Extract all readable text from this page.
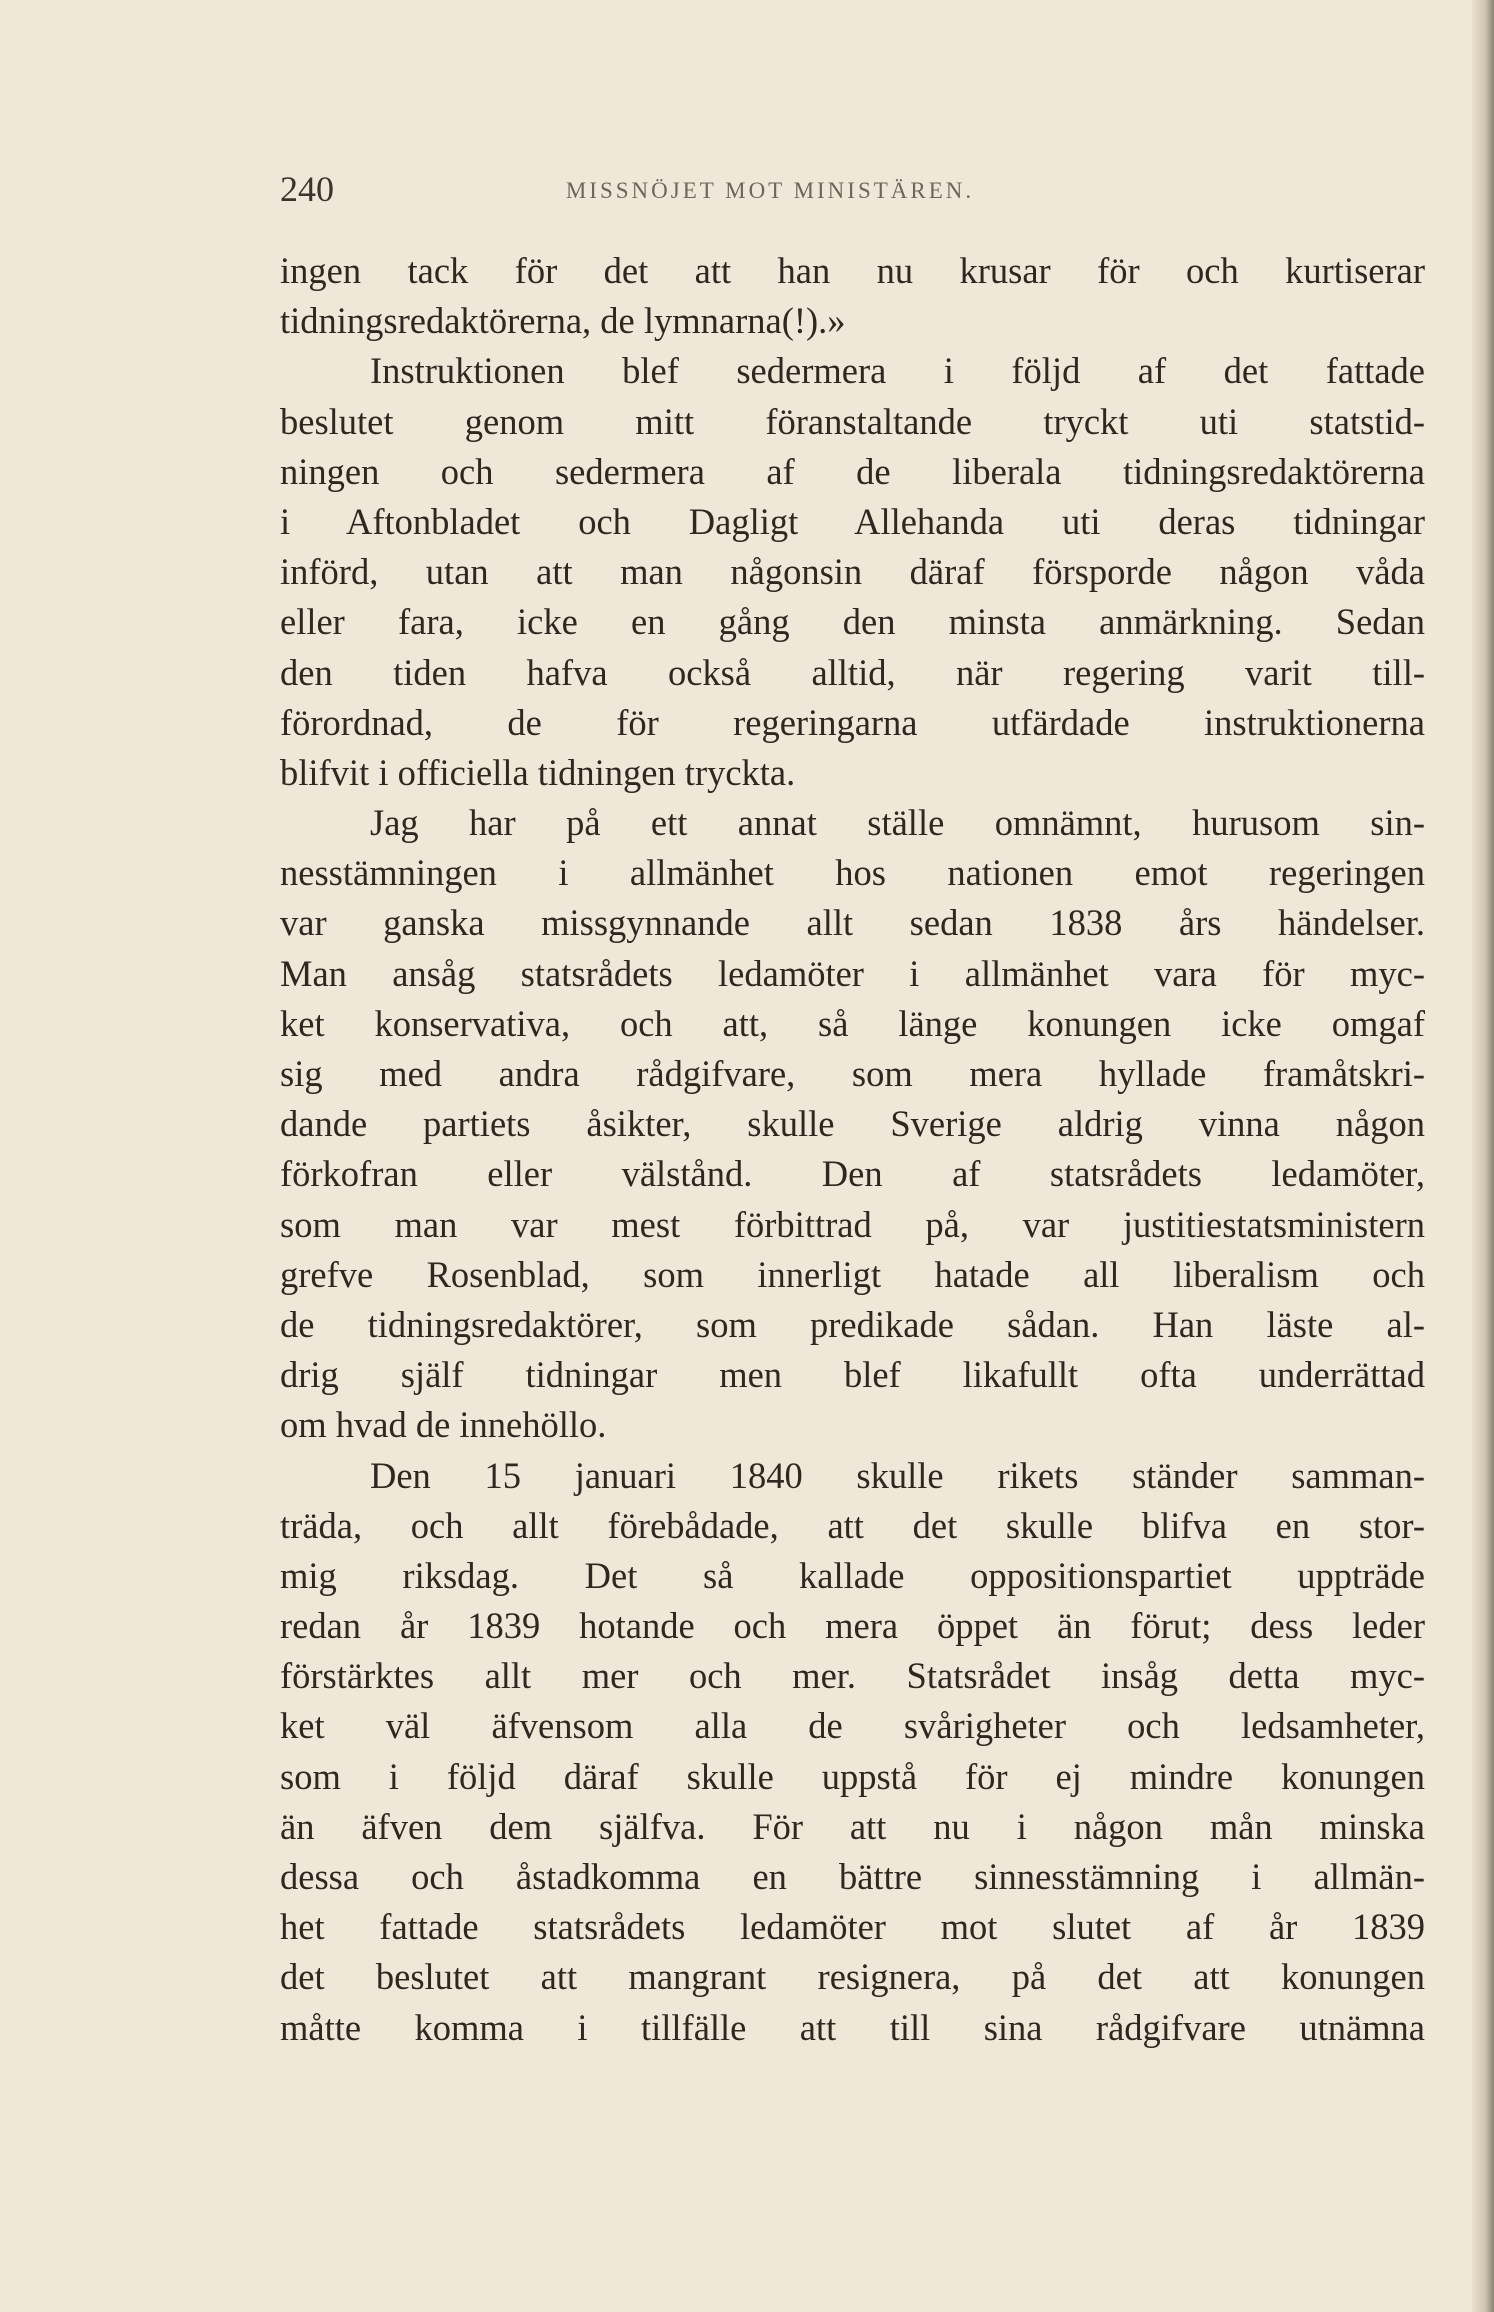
240	MISSNÖJET MOT MINISTÄREN.
ingen tack för det att han nu krusar för och kurtiserar
tidningsredaktörerna, de lymnarna(!).»
Instruktionen blef sedermera i följd af det fattade
beslutet genom mitt föranstaltande tryckt uti statstid-
ningen och sedermera af de liberala tidningsredaktörerna
i Aftonbladet och Dagligt Allehanda uti deras tidningar
införd, utan att man någonsin däraf försporde någon våda
eller fara, icke en gång den minsta anmärkning. Sedan
den tiden hafva också alltid, när regering varit till-
förordnad, de för regeringarna utfärdade instruktionerna
blifvit i officiella tidningen tryckta.
Jag har på ett annat ställe omnämnt, hurusom sin-
nesstämningen i allmänhet hos nationen emot regeringen
var ganska missgynnande allt sedan 1838 års händelser.
Man ansåg statsrådets ledamöter i allmänhet vara för myc-
ket konservativa, och att, så länge konungen icke omgaf
sig med andra rådgifvare, som mera hyllade framåtskri-
dande partiets åsikter, skulle Sverige aldrig vinna någon
förkofran eller välstånd. Den af statsrådets ledamöter,
som man var mest förbittrad på, var justitiestatsministern
grefve Rosenblad, som innerligt hatade all liberalism och
de tidningsredaktörer, som predikade sådan. Han läste al-
drig själf tidningar men blef likafullt ofta underrättad
om hvad de innehöllo.
Den 15 januari 1840 skulle rikets ständer samman-
träda, och allt förebådade, att det skulle blifva en stor-
mig riksdag. Det så kallade oppositionspartiet uppträde
redan år 1839 hotande och mera öppet än förut; dess leder
förstärktes allt mer och mer. Statsrådet insåg detta myc-
ket väl äfvensom alla de svårigheter och ledsamheter,
som i följd däraf skulle uppstå för ej mindre konungen
än äfven dem själfva. För att nu i någon mån minska
dessa och åstadkomma en bättre sinnesstämning i allmän-
het fattade statsrådets ledamöter mot slutet af år 1839
det beslutet att mangrant resignera, på det att konungen
måtte komma i tillfälle att till sina rådgifvare utnämna
